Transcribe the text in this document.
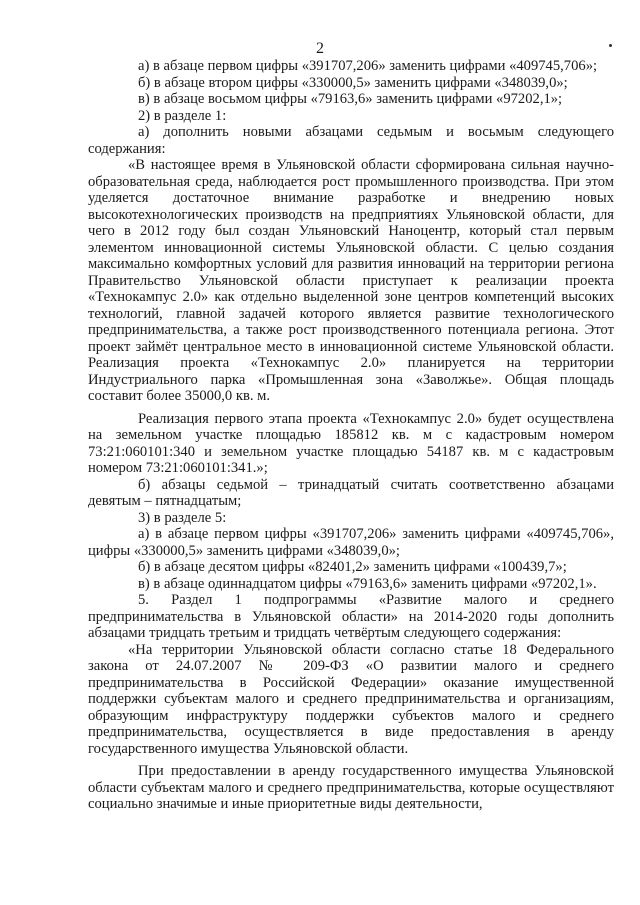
2

а) в абзаце первом цифры «391707,206» заменить цифрами «409745,706»;

б) в абзаце втором цифры «330000,5» заменить цифрами «348039,0»;

в) в абзаце восьмом цифры «79163,6» заменить цифрами «97202,1»;

2) в разделе 1:

а) дополнить новыми абзацами седьмым и восьмым следующего содержания:

«В настоящее время в Ульяновской области сформирована сильная научно-образовательная среда, наблюдается рост промышленного производства. При этом уделяется достаточное внимание разработке и внедрению новых высокотехнологических производств на предприятиях Ульяновской области, для чего в 2012 году был создан Ульяновский Наноцентр, который стал первым элементом инновационной системы Ульяновской области. С целью создания максимально комфортных условий для развития инноваций на территории региона Правительство Ульяновской области приступает к реализации проекта «Технокампус 2.0» как отдельно выделенной зоне центров компетенций высоких технологий, главной задачей которого является развитие технологического предпринимательства, а также рост производственного потенциала региона. Этот проект займёт центральное место в инновационной системе Ульяновской области. Реализация проекта «Технокампус 2.0» планируется на территории Индустриального парка «Промышленная зона «Заволжье». Общая площадь составит более 35000,0 кв. м.

Реализация первого этапа проекта «Технокампус 2.0» будет осуществлена на земельном участке площадью 185812 кв. м с кадастровым номером 73:21:060101:340 и земельном участке площадью 54187 кв. м с кадастровым номером 73:21:060101:341.»;

б) абзацы седьмой – тринадцатый считать соответственно абзацами девятым – пятнадцатым;

3) в разделе 5:

а) в абзаце первом цифры «391707,206» заменить цифрами «409745,706», цифры «330000,5» заменить цифрами «348039,0»;

б) в абзаце десятом цифры «82401,2» заменить цифрами «100439,7»;

в) в абзаце одиннадцатом цифры «79163,6» заменить цифрами «97202,1».

5. Раздел 1 подпрограммы «Развитие малого и среднего предпринимательства в Ульяновской области» на 2014-2020 годы дополнить абзацами тридцать третьим и тридцать четвёртым следующего содержания:

«На территории Ульяновской области согласно статье 18 Федерального закона от 24.07.2007 № 209-ФЗ «О развитии малого и среднего предпринимательства в Российской Федерации» оказание имущественной поддержки субъектам малого и среднего предпринимательства и организациям, образующим инфраструктуру поддержки субъектов малого и среднего предпринимательства, осуществляется в виде предоставления в аренду государственного имущества Ульяновской области.

При предоставлении в аренду государственного имущества Ульяновской области субъектам малого и среднего предпринимательства, которые осуществляют социально значимые и иные приоритетные виды деятельности,
